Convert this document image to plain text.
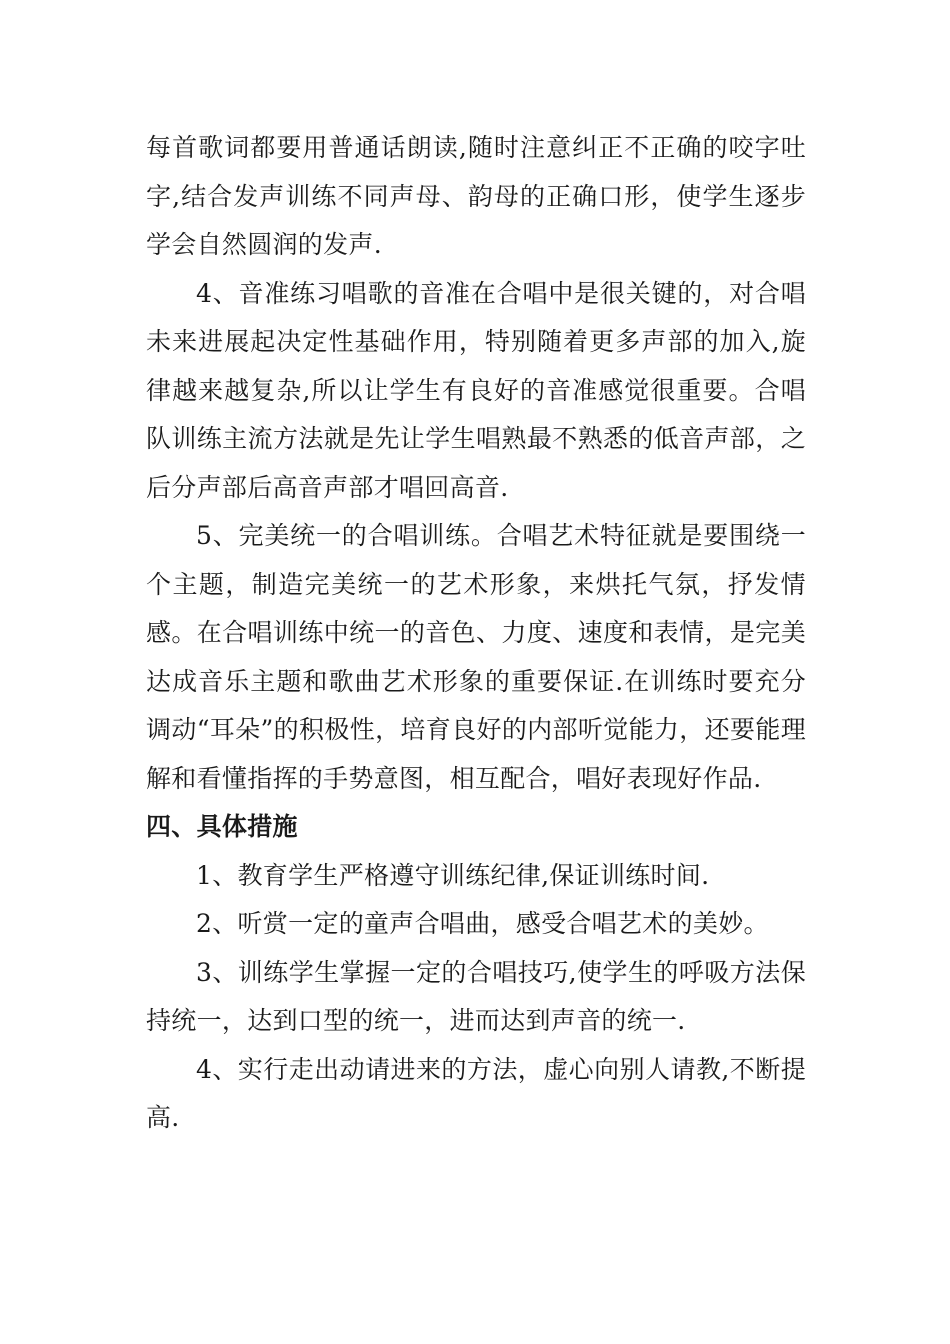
每首歌词都要用普通话朗读,随时注意纠正不正确的咬字吐字,结合发声训练不同声母、韵母的正确口形，使学生逐步学会自然圆润的发声.

4、音准练习唱歌的音准在合唱中是很关键的，对合唱未来进展起决定性基础作用，特别随着更多声部的加入,旋律越来越复杂,所以让学生有良好的音准感觉很重要。合唱队训练主流方法就是先让学生唱熟最不熟悉的低音声部，之后分声部后高音声部才唱回高音.

5、完美统一的合唱训练。合唱艺术特征就是要围绕一个主题，制造完美统一的艺术形象，来烘托气氛，抒发情感。在合唱训练中统一的音色、力度、速度和表情，是完美达成音乐主题和歌曲艺术形象的重要保证.在训练时要充分调动“耳朵”的积极性，培育良好的内部听觉能力，还要能理解和看懂指挥的手势意图，相互配合，唱好表现好作品.

四、具体措施

1、教育学生严格遵守训练纪律,保证训练时间.

2、听赏一定的童声合唱曲，感受合唱艺术的美妙。

3、训练学生掌握一定的合唱技巧,使学生的呼吸方法保持统一，达到口型的统一，进而达到声音的统一.

4、实行走出动请进来的方法，虚心向别人请教,不断提高.
